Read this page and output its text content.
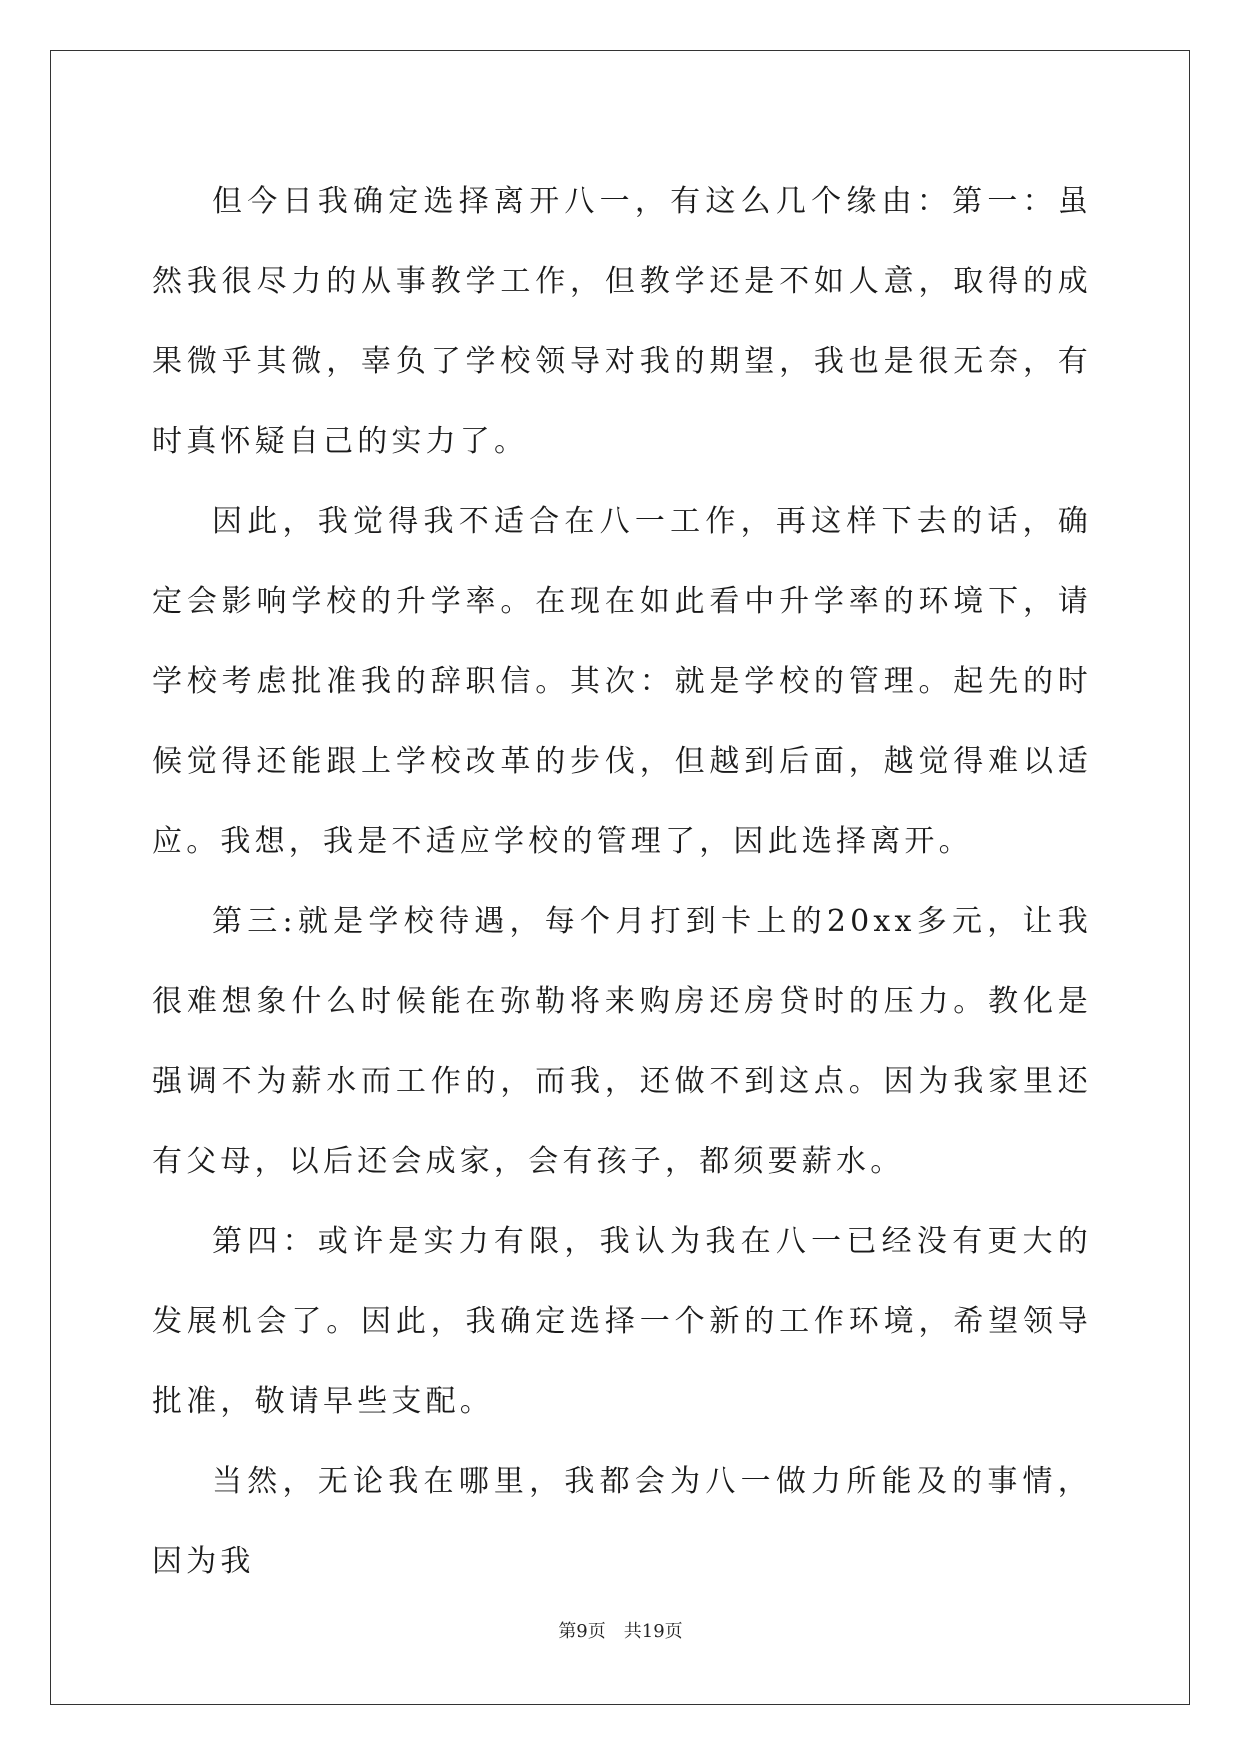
但今日我确定选择离开八一，有这么几个缘由：第一：虽然我很尽力的从事教学工作，但教学还是不如人意，取得的成果微乎其微，辜负了学校领导对我的期望，我也是很无奈，有时真怀疑自己的实力了。

因此，我觉得我不适合在八一工作，再这样下去的话，确定会影响学校的升学率。在现在如此看中升学率的环境下，请学校考虑批准我的辞职信。其次：就是学校的管理。起先的时候觉得还能跟上学校改革的步伐，但越到后面，越觉得难以适应。我想，我是不适应学校的管理了，因此选择离开。

第三:就是学校待遇，每个月打到卡上的20xx多元，让我很难想象什么时候能在弥勒将来购房还房贷时的压力。教化是强调不为薪水而工作的，而我，还做不到这点。因为我家里还有父母，以后还会成家，会有孩子，都须要薪水。

第四：或许是实力有限，我认为我在八一已经没有更大的发展机会了。因此，我确定选择一个新的工作环境，希望领导批准，敬请早些支配。

当然，无论我在哪里，我都会为八一做力所能及的事情，因为我

第9页 共19页
